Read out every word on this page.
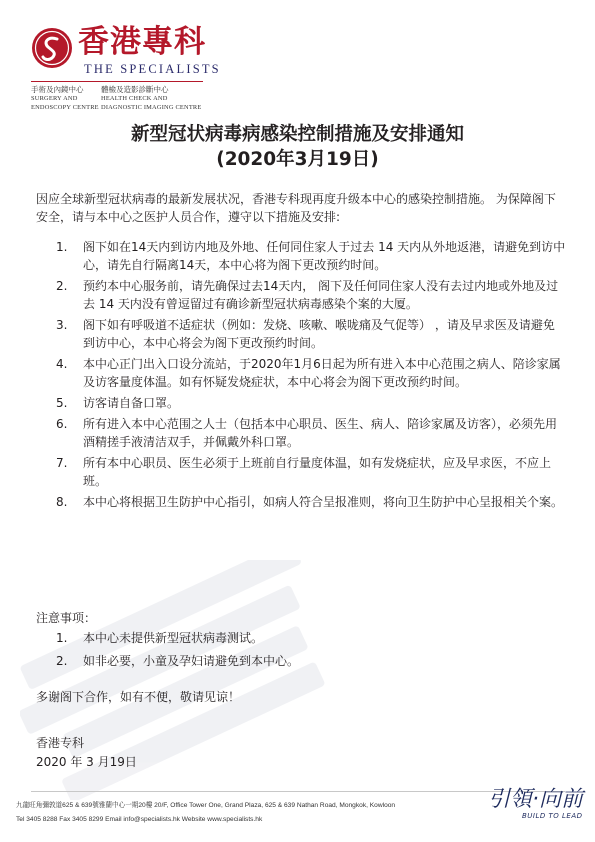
香港專科
THE SPECIALISTS
手術及內鏡中心
SURGERY AND
ENDOSCOPY CENTRE
體檢及造影診斷中心
HEALTH CHECK AND
DIAGNOSTIC IMAGING CENTRE
新型冠状病毒病感染控制措施及安排通知
(2020年3月19日)

因应全球新型冠状病毒的最新发展状况，香港专科现再度升级本中心的感染控制措施。 为保障阁下安全，请与本中心之医护人员合作，遵守以下措施及安排:

1. 阁下如在14天内到访内地及外地、任何同住家人于过去 14 天内从外地返港，请避免到访中心，请先自行隔离14天，本中心将为阁下更改预约时间。
2. 预约本中心服务前，请先确保过去14天内， 阁下及任何同住家人没有去过内地或外地及过去 14 天内没有曾逗留过有确诊新型冠状病毒感染个案的大厦。
3. 阁下如有呼吸道不适症状（例如：发烧、咳嗽、喉咙痛及气促等） ，请及早求医及请避免到访中心，本中心将会为阁下更改预约时间。
4. 本中心正门出入口设分流站，于2020年1月6日起为所有进入本中心范围之病人、陪诊家属及访客量度体温。如有怀疑发烧症状，本中心将会为阁下更改预约时间。
5. 访客请自备口罩。
6. 所有进入本中心范围之人士（包括本中心职员、医生、病人、陪诊家属及访客），必须先用酒精搓手液清洁双手，并佩戴外科口罩。
7. 所有本中心职员、医生必须于上班前自行量度体温，如有发烧症状，应及早求医，不应上班。
8. 本中心将根据卫生防护中心指引，如病人符合呈报准则，将向卫生防护中心呈报相关个案。
注意事项：
1. 本中心未提供新型冠状病毒测试。
2. 如非必要，小童及孕妇请避免到本中心。
多谢阁下合作，如有不便，敬请见谅！
香港专科
2020 年 3 月19日
九龍旺角彌敦道625 & 639號雅蘭中心一期20樓 20/F, Office Tower One, Grand Plaza, 625 & 639 Nathan Road, Mongkok, Kowloon
Tel 3405 8288 Fax 3405 8299 Email info@specialists.hk Website www.specialists.hk
引領·向前
BUILD TO LEAD
